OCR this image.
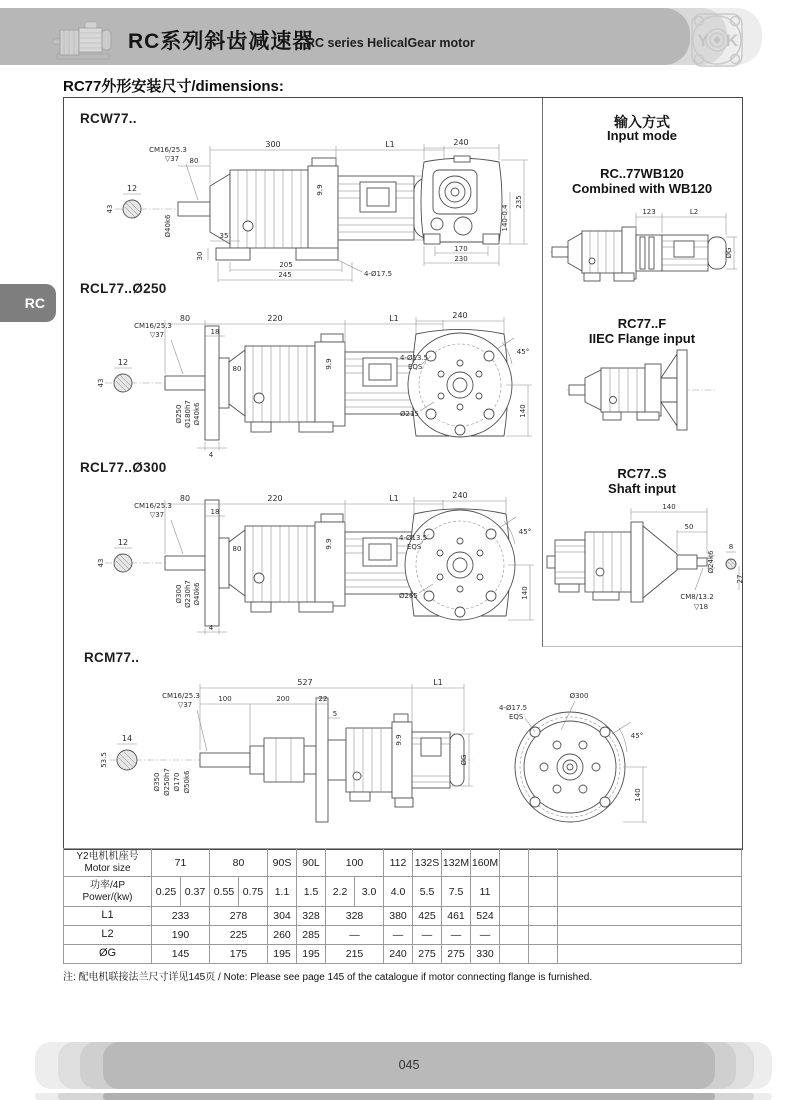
RC系列斜齿减速器
RC series HelicalGear motor	Y K
RC77外形安装尺寸/dimensions:
RC
RCW77..
RCL77..Ø250
RCL77..Ø300
RCM77..
12
43
300	L1
80
CM16/25.3
▽37
Ø40k6
9.9
35
30
205
245	4-Ø17.5
240
235
140-0.4
170
230
12
43
80	220	L1
18
CM16/25.3
▽37
Ø250 Ø180h7 Ø40k6
80	9.9
4
240
4-Ø13.5
EQS
Ø215
45°
140
12
43
80	220	L1
18
CM16/25.3
▽37
Ø300 Ø230h7 Ø40k6
80	9.9
4
240
4-Ø13.5
EQS
Ø265
45°
140
14
53.5
Ø350 Ø250h7 Ø170 Ø50k6
527	L1
100	200	22
5
CM16/25.3
▽37
9.9
ØG
Ø300
4-Ø17.5
EQS
45°
140
输入方式
Input mode
RC..77WB120
Combined with WB120
RC77..F
IIEC Flange input
RC77..S
Shaft input
123	L2
ØG
140
50
Ø24k6
CM8/13.2
▽18
8
27
Y2电机机座号
Motor size	71		80		90S	90L	100		112	132S	132M	160M			

功率/4P
Power/(kw)	0.25	0.37	0.55	0.75	1.1	1.5	2.2	3.0	4.0	5.5	7.5	11			
L1	233		278		304	328	328		380	425	461	524			
L2	190		225		260	285	—		—	—	—	—			
ØG	145		175		195	195	215		240	275	275	330			
注: 配电机联接法兰尺寸详见145页 / Note: Please see page 145 of the catalogue if motor connecting flange is furnished.
045
